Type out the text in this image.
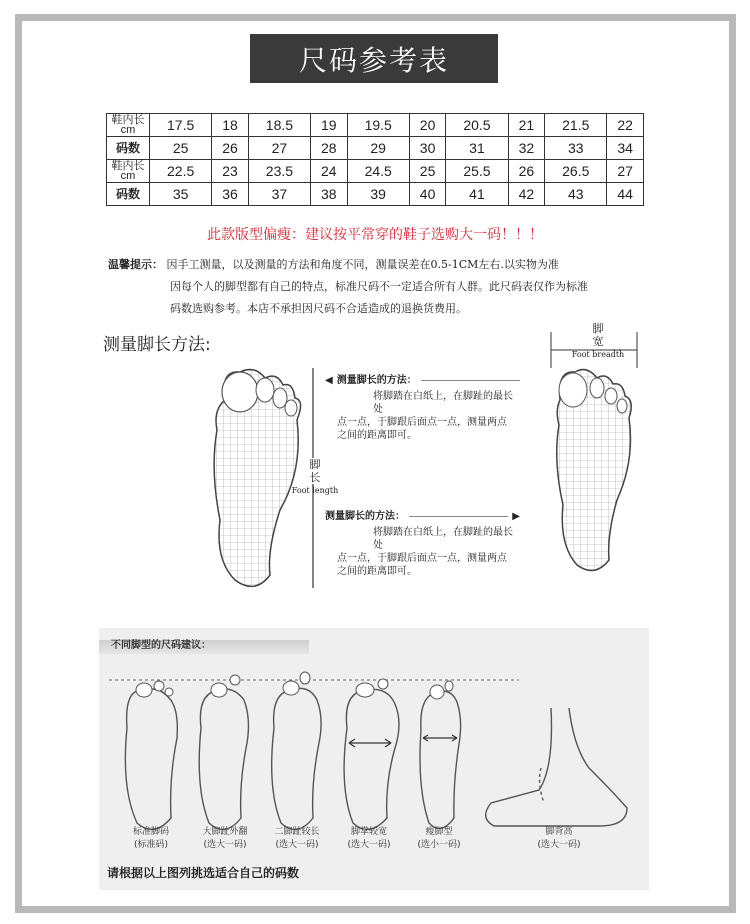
尺码参考表
鞋内长
cm	17.5	18	18.5	19	19.5	20	20.5	21	21.5	22
码数	25	26	27	28	29	30	31	32	33	34
鞋内长
cm	22.5	23	23.5	24	24.5	25	25.5	26	26.5	27
码数	35	36	37	38	39	40	41	42	43	44
此款版型偏瘦：建议按平常穿的鞋子选购大一码！！！
温馨提示： 因手工测量，以及测量的方法和角度不同，测量误差在0.5-1CM左右.以实物为准
因每个人的脚型都有自己的特点，标准尺码不一定适合所有人群。此尺码表仅作为标准
码数选购参考。本店不承担因尺码不合适造成的退换货费用。
测量脚长方法:
脚长
Foot length
◀ 测量脚长的方法：
将脚踏在白纸上，在脚趾的最长处
点一点，于脚跟后面点一点，测量两点
之间的距离即可。
测量脚长的方法：	▶
将脚踏在白纸上，在脚趾的最长处
点一点，于脚跟后面点一点，测量两点
之间的距离即可。
脚宽
Foot breadth
不同脚型的尺码建议：
标准脚码
(标准码)
大脚趾外翻
(选大一码)
二脚趾较长
(选大一码)
脚掌较宽
(选大一码)
瘦脚型
(选小一码)
脚背高
(选大一码)
请根据以上图列挑选适合自己的码数
